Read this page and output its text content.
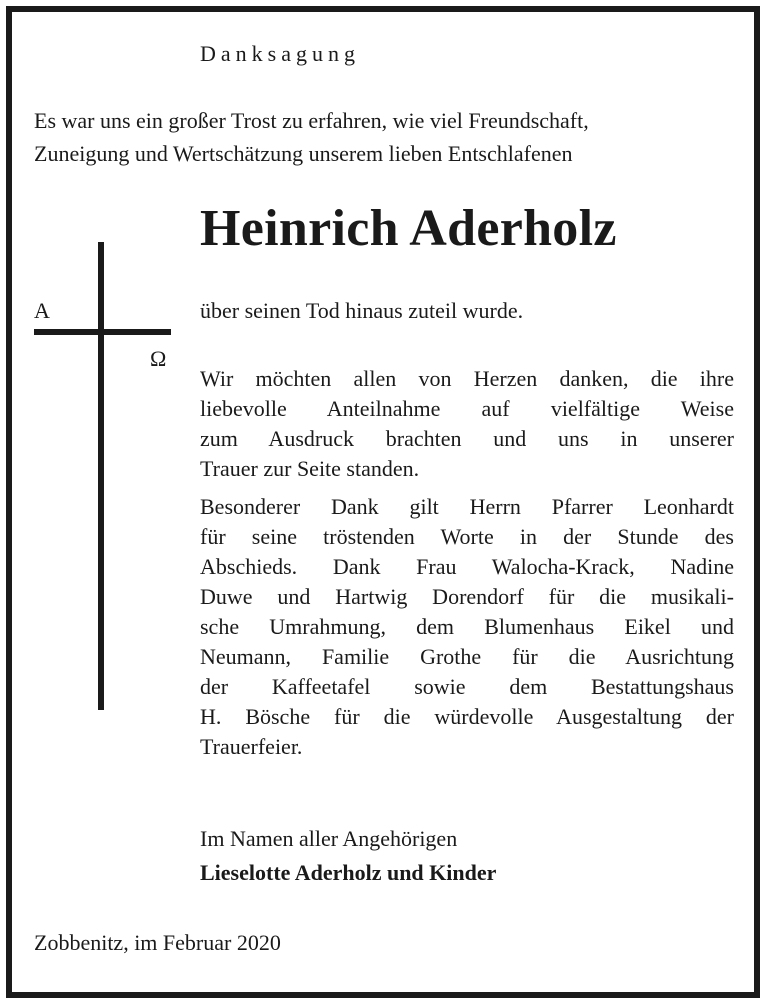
Danksagung
Es war uns ein großer Trost zu erfahren, wie viel Freundschaft,
Zuneigung und Wertschätzung unserem lieben Entschlafenen
Heinrich Aderholz
A
Ω
über seinen Tod hinaus zuteil wurde.
Wir möchten allen von Herzen danken, die ihre
liebevolle Anteilnahme auf vielfältige Weise
zum Ausdruck brachten und uns in unserer
Trauer zur Seite standen.
Besonderer Dank gilt Herrn Pfarrer Leonhardt
für seine tröstenden Worte in der Stunde des
Abschieds. Dank Frau Walocha-Krack, Nadine
Duwe und Hartwig Dorendorf für die musikali-
sche Umrahmung, dem Blumenhaus Eikel und
Neumann, Familie Grothe für die Ausrichtung
der Kaffeetafel sowie dem Bestattungshaus
H. Bösche für die würdevolle Ausgestaltung der
Trauerfeier.
Im Namen aller Angehörigen
Lieselotte Aderholz und Kinder
Zobbenitz, im Februar 2020
